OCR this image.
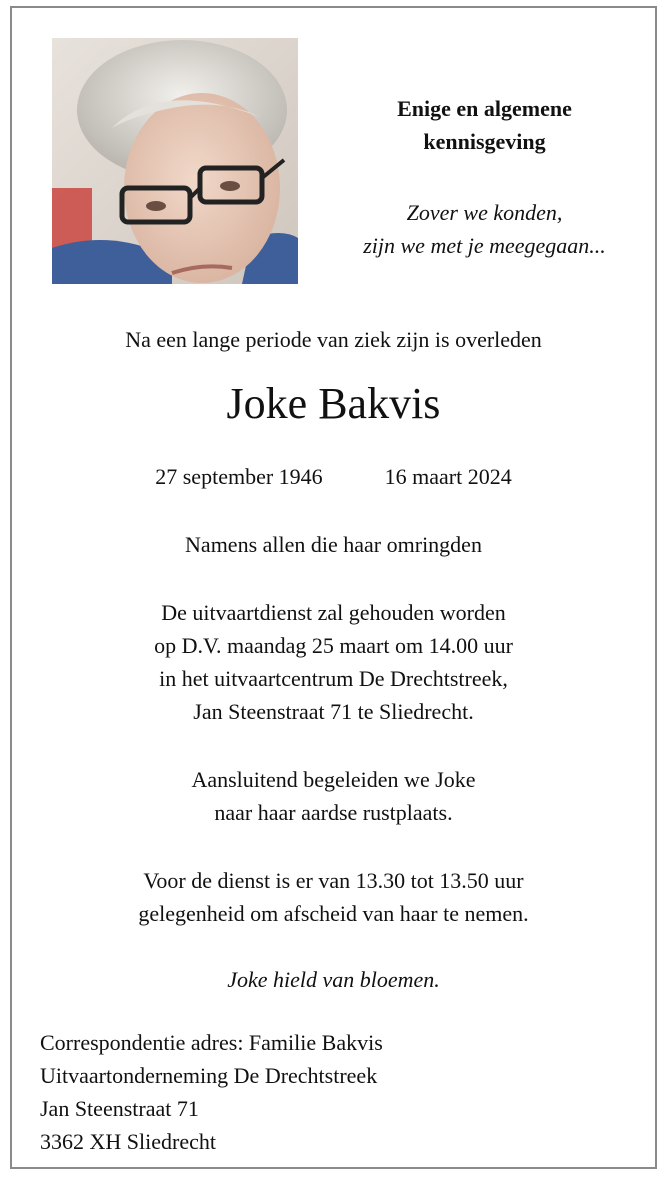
Enige en algemene
kennisgeving
Zover we konden,
zijn we met je meegegaan...
Na een lange periode van ziek zijn is overleden
Joke Bakvis
27 september 1946	16 maart 2024
Namens allen die haar omringden
De uitvaartdienst zal gehouden worden
op D.V. maandag 25 maart om 14.00 uur
in het uitvaartcentrum De Drechtstreek,
Jan Steenstraat 71 te Sliedrecht.
Aansluitend begeleiden we Joke
naar haar aardse rustplaats.
Voor de dienst is er van 13.30 tot 13.50 uur
gelegenheid om afscheid van haar te nemen.
Joke hield van bloemen.
Correspondentie adres: Familie Bakvis
Uitvaartonderneming De Drechtstreek
Jan Steenstraat 71
3362 XH Sliedrecht
